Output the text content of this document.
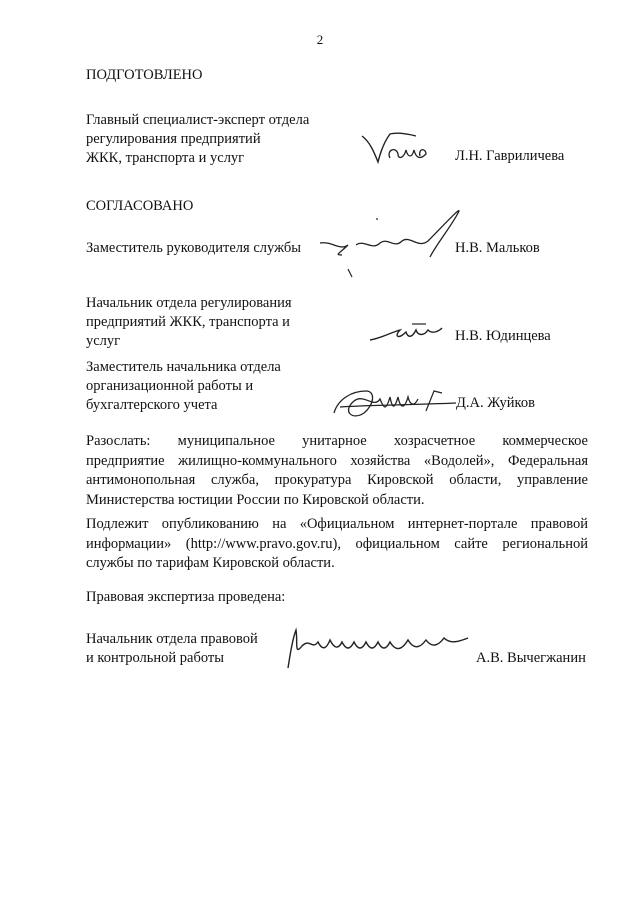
2
ПОДГОТОВЛЕНО
Главный специалист-эксперт отдела
регулирования предприятий
ЖКК, транспорта и услуг	Л.Н. Гавриличева
СОГЛАСОВАНО
Заместитель руководителя службы	Н.В. Мальков
Начальник отдела регулирования
предприятий ЖКК, транспорта и
услуг	Н.В. Юдинцева
Заместитель начальника отдела
организационной работы и
бухгалтерского учета	Д.А. Жуйков
Разослать: муниципальное унитарное хозрасчетное коммерческое
предприятие жилищно-коммунального хозяйства «Водолей», Федеральная
антимонопольная служба, прокуратура Кировской области, управление
Министерства юстиции России по Кировской области.
Подлежит опубликованию на «Официальном интернет-портале правовой
информации» (http://www.pravo.gov.ru), официальном сайте региональной
службы по тарифам Кировской области.
Правовая экспертиза проведена:
Начальник отдела правовой
и контрольной работы	А.В. Вычегжанин
